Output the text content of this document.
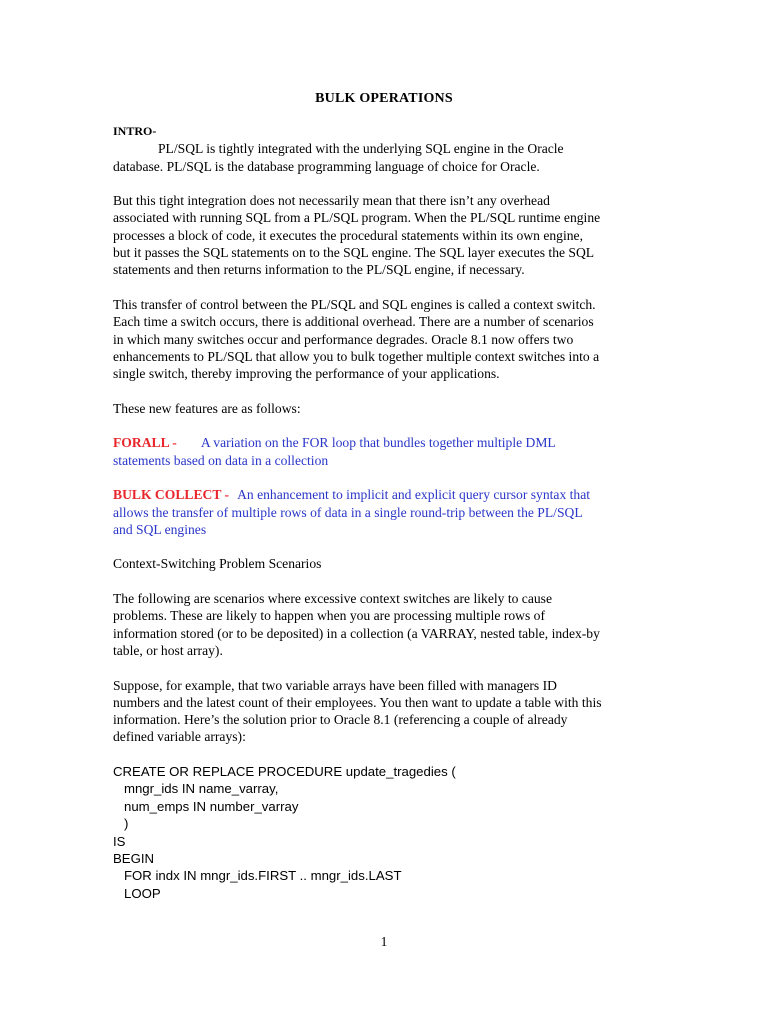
BULK OPERATIONS
INTRO-
PL/SQL is tightly integrated with the underlying SQL engine in the Oracle
database. PL/SQL is the database programming language of choice for Oracle.
But this tight integration does not necessarily mean that there isn’t any overhead
associated with running SQL from a PL/SQL program. When the PL/SQL runtime engine
processes a block of code, it executes the procedural statements within its own engine,
but it passes the SQL statements on to the SQL engine. The SQL layer executes the SQL
statements and then returns information to the PL/SQL engine, if necessary.
This transfer of control between the PL/SQL and SQL engines is called a context switch.
Each time a switch occurs, there is additional overhead. There are a number of scenarios
in which many switches occur and performance degrades. Oracle 8.1 now offers two
enhancements to PL/SQL that allow you to bulk together multiple context switches into a
single switch, thereby improving the performance of your applications.
These new features are as follows:
FORALL - A variation on the FOR loop that bundles together multiple DML
statements based on data in a collection
BULK COLLECT - An enhancement to implicit and explicit query cursor syntax that
allows the transfer of multiple rows of data in a single round-trip between the PL/SQL
and SQL engines
Context-Switching Problem Scenarios
The following are scenarios where excessive context switches are likely to cause
problems. These are likely to happen when you are processing multiple rows of
information stored (or to be deposited) in a collection (a VARRAY, nested table, index-by
table, or host array).
Suppose, for example, that two variable arrays have been filled with managers ID
numbers and the latest count of their employees. You then want to update a table with this
information. Here’s the solution prior to Oracle 8.1 (referencing a couple of already
defined variable arrays):
CREATE OR REPLACE PROCEDURE update_tragedies (
mngr_ids IN name_varray,
num_emps IN number_varray
)
IS
BEGIN
FOR indx IN mngr_ids.FIRST .. mngr_ids.LAST
LOOP
1
